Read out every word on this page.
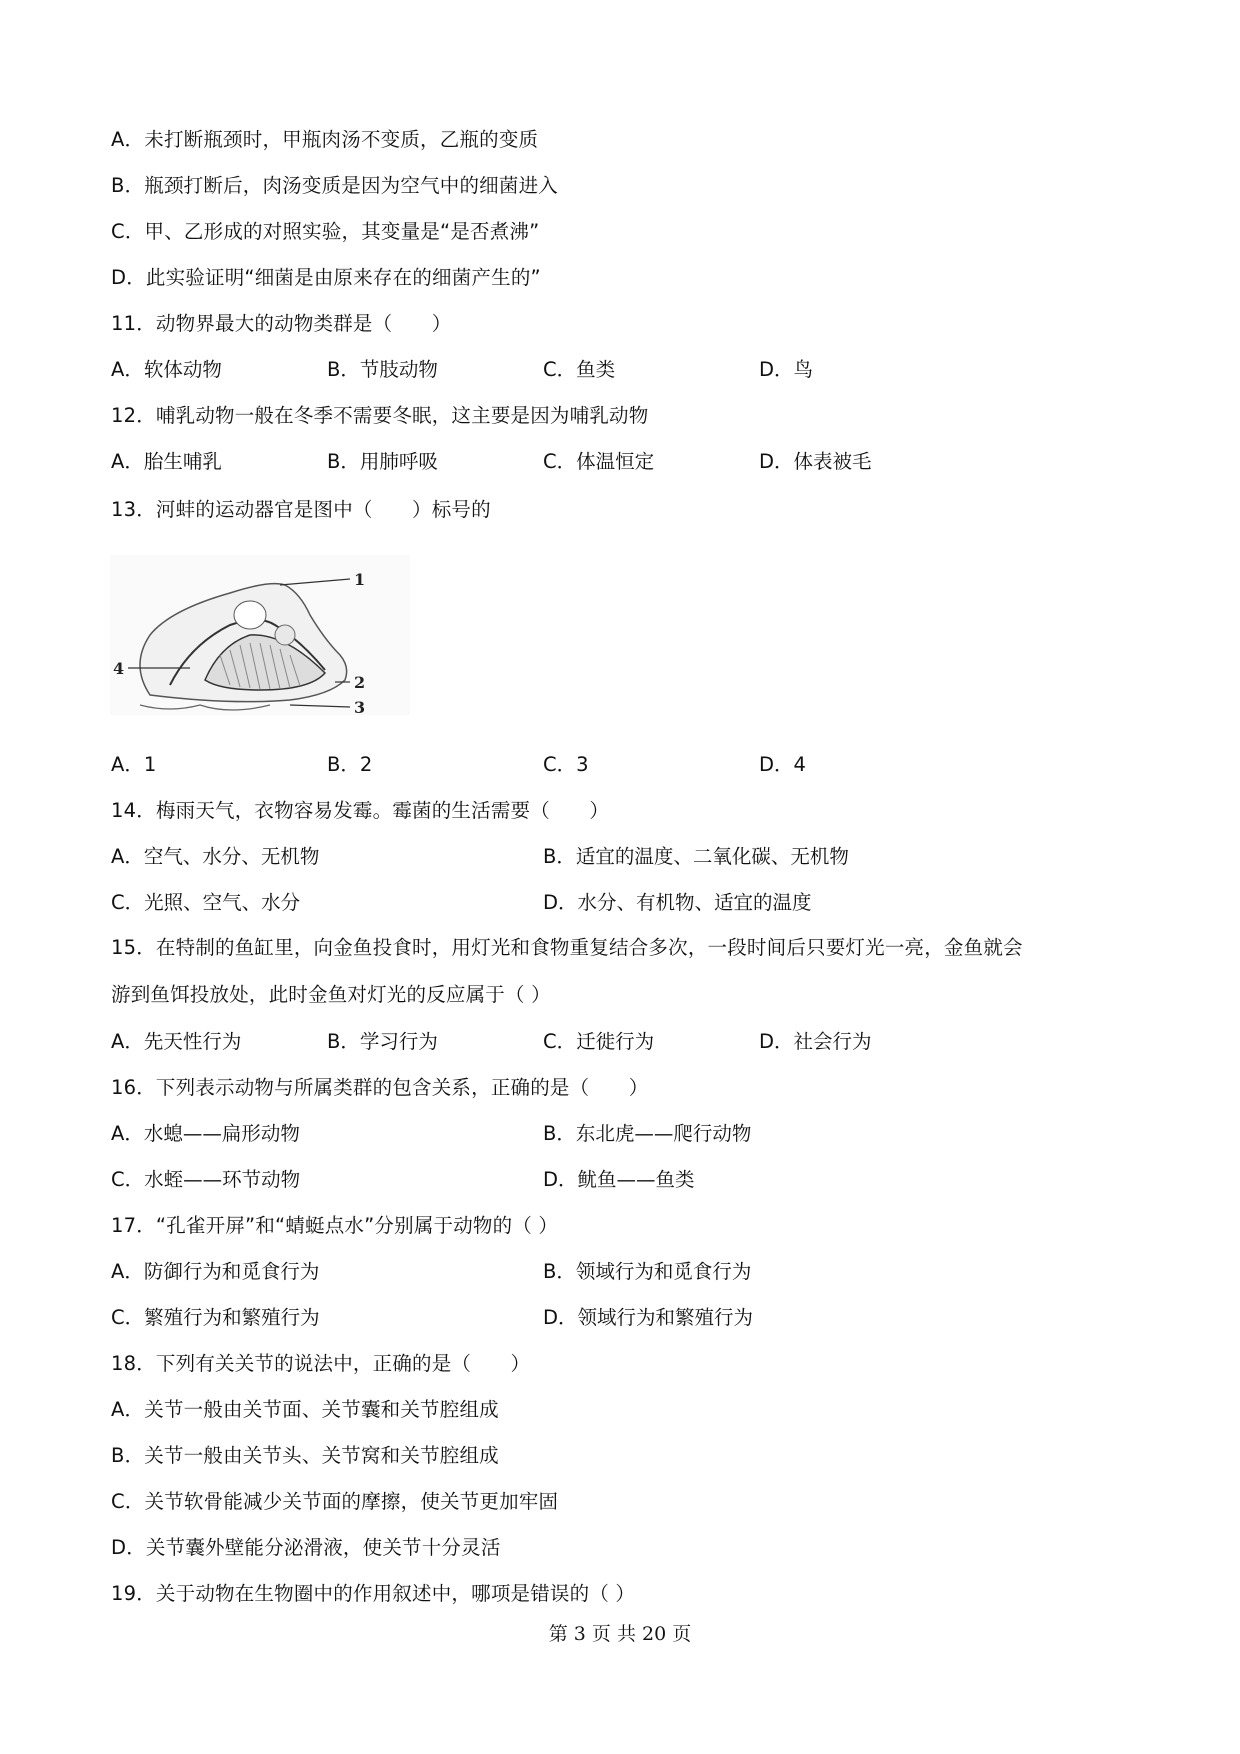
A．未打断瓶颈时，甲瓶肉汤不变质，乙瓶的变质
B．瓶颈打断后，肉汤变质是因为空气中的细菌进入
C．甲、乙形成的对照实验，其变量是“是否煮沸”
D．此实验证明“细菌是由原来存在的细菌产生的”
11．动物界最大的动物类群是（　　）
A．软体动物	B．节肢动物	C．鱼类	D．鸟
12．哺乳动物一般在冬季不需要冬眠，这主要是因为哺乳动物
A．胎生哺乳	B．用肺呼吸	C．体温恒定	D．体表被毛
13．河蚌的运动器官是图中（　　）标号的
1
2
3
4
A．1	B．2	C．3	D．4
14．梅雨天气，衣物容易发霉。霉菌的生活需要（　　）
A．空气、水分、无机物	B．适宜的温度、二氧化碳、无机物
C．光照、空气、水分	D．水分、有机物、适宜的温度
15．在特制的鱼缸里，向金鱼投食时，用灯光和食物重复结合多次，一段时间后只要灯光一亮，金鱼就会
游到鱼饵投放处，此时金鱼对灯光的反应属于（ ）
A．先天性行为	B．学习行为	C．迁徙行为	D．社会行为
16．下列表示动物与所属类群的包含关系，正确的是（　　）
A．水螅——扁形动物	B．东北虎——爬行动物
C．水蛭——环节动物	D．鱿鱼——鱼类
17．“孔雀开屏”和“蜻蜓点水”分别属于动物的（ ）
A．防御行为和觅食行为	B．领域行为和觅食行为
C．繁殖行为和繁殖行为	D．领域行为和繁殖行为
18．下列有关关节的说法中，正确的是（　　）
A．关节一般由关节面、关节囊和关节腔组成
B．关节一般由关节头、关节窝和关节腔组成
C．关节软骨能减少关节面的摩擦，使关节更加牢固
D．关节囊外壁能分泌滑液，使关节十分灵活
19．关于动物在生物圈中的作用叙述中，哪项是错误的（ ）
第 3 页 共 20 页
